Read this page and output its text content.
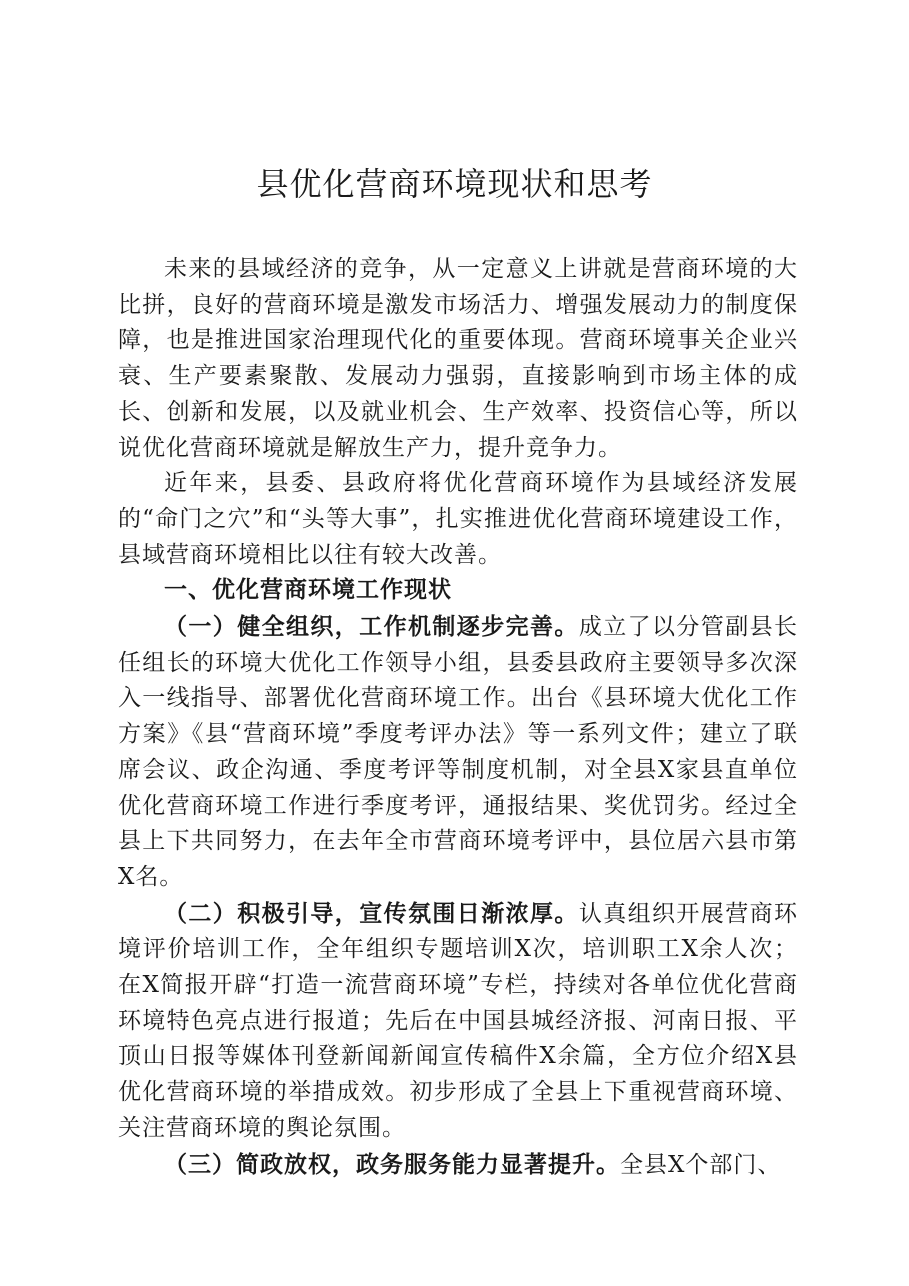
县优化营商环境现状和思考

未来的县域经济的竞争，从一定意义上讲就是营商环境的大比拼，良好的营商环境是激发市场活力、增强发展动力的制度保障，也是推进国家治理现代化的重要体现。营商环境事关企业兴衰、生产要素聚散、发展动力强弱，直接影响到市场主体的成长、创新和发展，以及就业机会、生产效率、投资信心等，所以说优化营商环境就是解放生产力，提升竞争力。

近年来，县委、县政府将优化营商环境作为县域经济发展的“命门之穴”和“头等大事”，扎实推进优化营商环境建设工作，县域营商环境相比以往有较大改善。

一、优化营商环境工作现状

（一）健全组织，工作机制逐步完善。成立了以分管副县长任组长的环境大优化工作领导小组，县委县政府主要领导多次深入一线指导、部署优化营商环境工作。出台《县环境大优化工作方案》《县“营商环境”季度考评办法》等一系列文件；建立了联席会议、政企沟通、季度考评等制度机制，对全县X家县直单位优化营商环境工作进行季度考评，通报结果、奖优罚劣。经过全县上下共同努力，在去年全市营商环境考评中，县位居六县市第X名。

（二）积极引导，宣传氛围日渐浓厚。认真组织开展营商环境评价培训工作，全年组织专题培训X次，培训职工X余人次；在X简报开辟“打造一流营商环境”专栏，持续对各单位优化营商环境特色亮点进行报道；先后在中国县城经济报、河南日报、平顶山日报等媒体刊登新闻新闻宣传稿件X余篇，全方位介绍X县优化营商环境的举措成效。初步形成了全县上下重视营商环境、关注营商环境的舆论氛围。

（三）简政放权，政务服务能力显著提升。全县X个部门、
